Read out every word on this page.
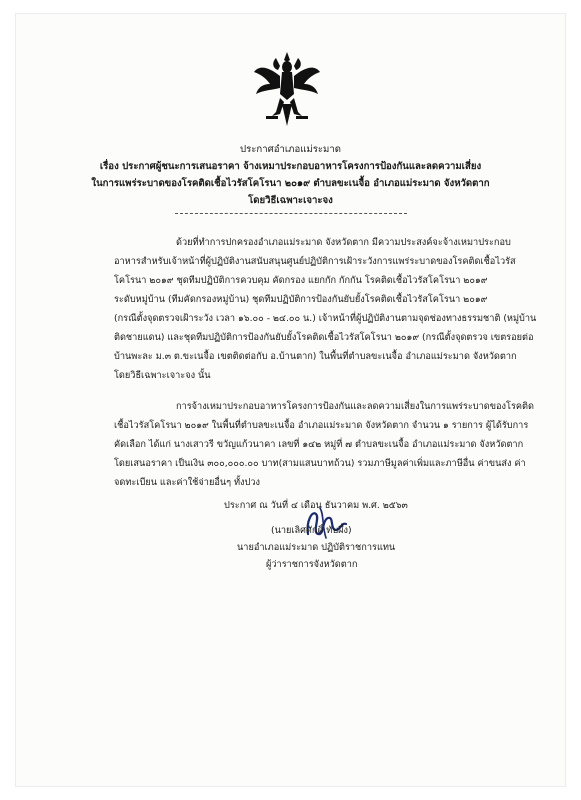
ประกาศอำเภอแม่ระมาด
เรื่อง ประกาศผู้ชนะการเสนอราคา จ้างเหมาประกอบอาหารโครงการป้องกันและลดความเสี่ยง
ในการแพร่ระบาดของโรคติดเชื้อไวรัสโคโรนา ๒๐๑๙ ตำบลขะเนจื้อ อำเภอแม่ระมาด จังหวัดตาก
โดยวิธีเฉพาะเจาะจง
ด้วยที่ทำการปกครองอำเภอแม่ระมาด จังหวัดตาก มีความประสงค์จะจ้างเหมาประกอบ
อาหารสำหรับเจ้าหน้าที่ผู้ปฏิบัติงานสนับสนุนศูนย์ปฏิบัติการเฝ้าระวังการแพร่ระบาดของโรคติดเชื้อไวรัส
โคโรนา ๒๐๑๙ ชุดทีมปฏิบัติการควบคุม คัดกรอง แยกกัก กักกัน โรคติดเชื้อไวรัสโคโรนา ๒๐๑๙
ระดับหมู่บ้าน (ทีมคัดกรองหมู่บ้าน) ชุดทีมปฏิบัติการป้องกันยับยั้งโรคติดเชื้อไวรัสโคโรนา ๒๐๑๙
(กรณีตั้งจุดตรวจเฝ้าระวัง เวลา ๑๖.๐๐ - ๒๔.๐๐ น.) เจ้าหน้าที่ผู้ปฏิบัติงานตามจุดช่องทางธรรมชาติ (หมู่บ้าน
ติดชายแดน) และชุดทีมปฏิบัติการป้องกันยับยั้งโรคติดเชื้อไวรัสโคโรนา ๒๐๑๙ (กรณีตั้งจุดตรวจ เขตรอยต่อ
บ้านพะละ ม.๓ ต.ขะเนจื้อ เขตติดต่อกับ อ.บ้านตาก) ในพื้นที่ตำบลขะเนจื้อ อำเภอแม่ระมาด จังหวัดตาก
โดยวิธีเฉพาะเจาะจง นั้น
การจ้างเหมาประกอบอาหารโครงการป้องกันและลดความเสี่ยงในการแพร่ระบาดของโรคติด
เชื้อไวรัสโคโรนา ๒๐๑๙ ในพื้นที่ตำบลขะเนจื้อ อำเภอแม่ระมาด จังหวัดตาก จำนวน ๑ รายการ ผู้ได้รับการ
คัดเลือก ได้แก่ นางเสาวรี ขวัญแก้วนาคา เลขที่ ๑๔๒ หมู่ที่ ๗ ตำบลขะเนจื้อ อำเภอแม่ระมาด จังหวัดตาก
โดยเสนอราคา เป็นเงิน ๓๐๐,๐๐๐.๐๐ บาท(สามแสนบาทถ้วน) รวมภาษีมูลค่าเพิ่มและภาษีอื่น ค่าขนส่ง ค่า
จดทะเบียน และค่าใช้จ่ายอื่นๆ ทั้งปวง
ประกาศ ณ วันที่ ๔ เดือน ธันวาคม พ.ศ. ๒๕๖๓
(นายเลิศศักดิ์ ทับผึ้ง)
นายอำเภอแม่ระมาด ปฏิบัติราชการแทน
ผู้ว่าราชการจังหวัดตาก
